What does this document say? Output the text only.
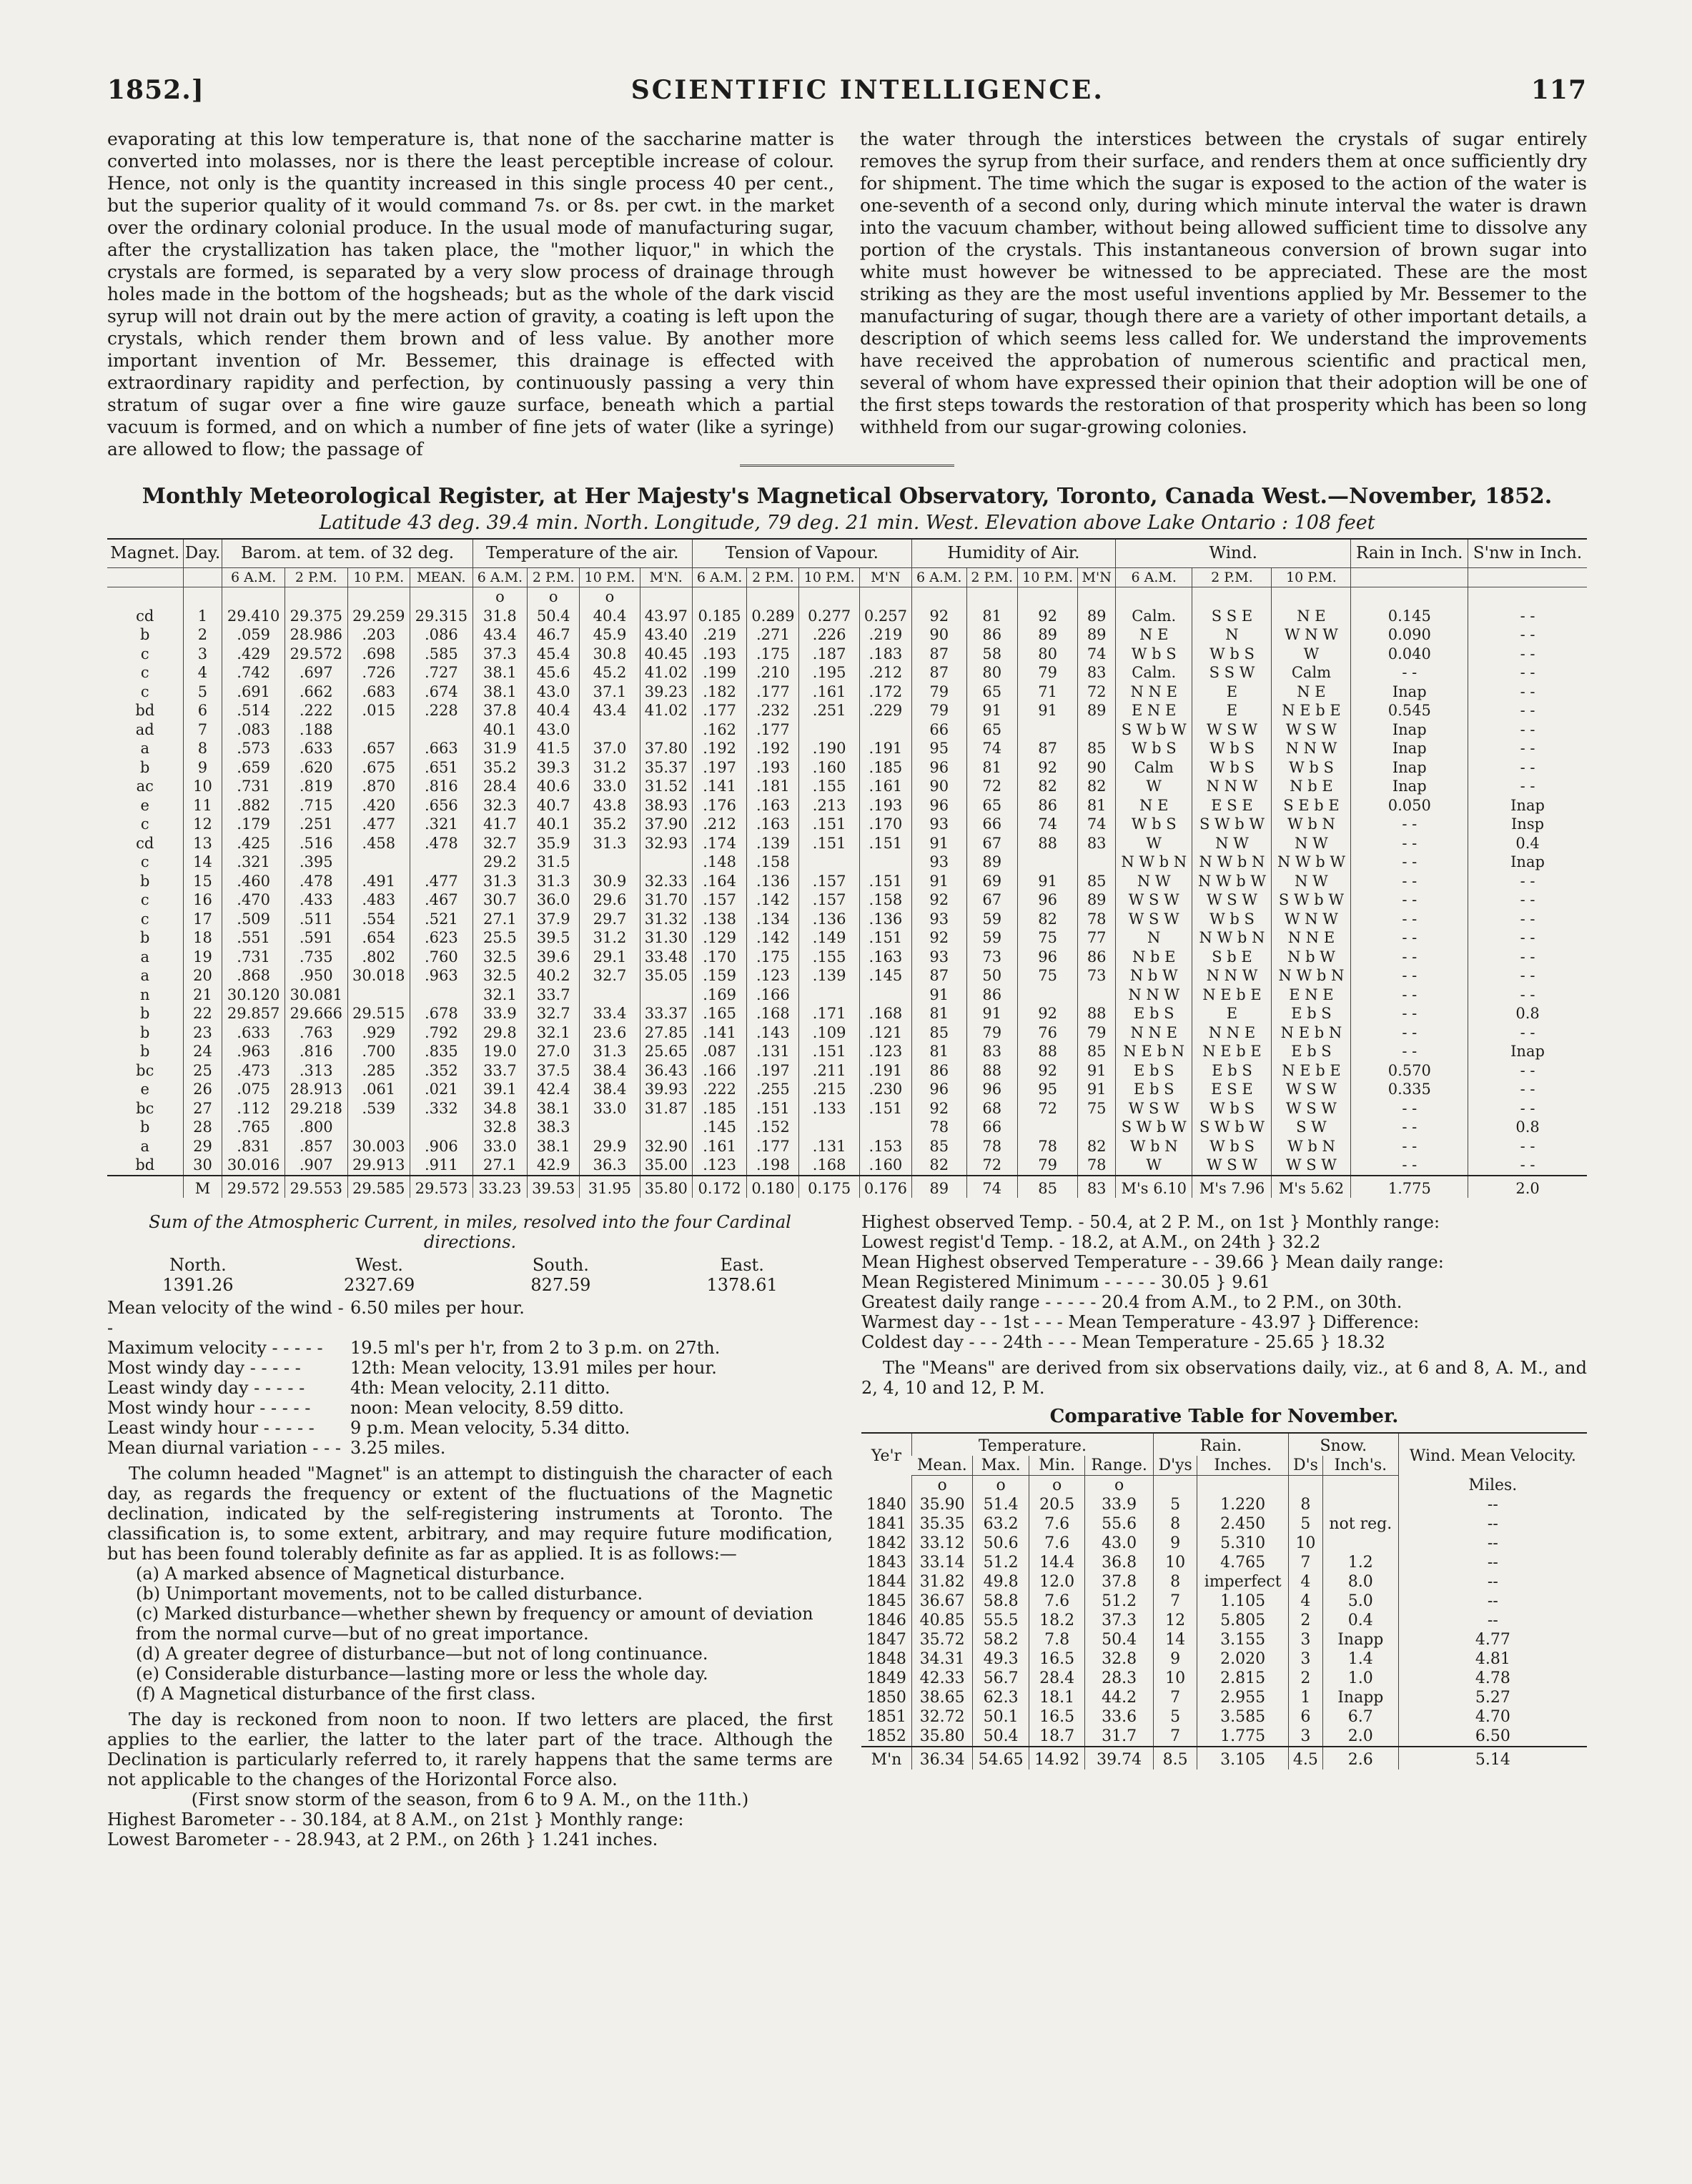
1852.]	SCIENTIFIC INTELLIGENCE.	117
evaporating at this low temperature is, that none of the saccharine matter is converted into molasses, nor is there the least perceptible increase of colour. Hence, not only is the quantity increased in this single process 40 per cent., but the superior quality of it would command 7s. or 8s. per cwt. in the market over the ordinary colonial produce. In the usual mode of manufacturing sugar, after the crystallization has taken place, the "mother liquor," in which the crystals are formed, is separated by a very slow process of drainage through holes made in the bottom of the hogsheads; but as the whole of the dark viscid syrup will not drain out by the mere action of gravity, a coating is left upon the crystals, which render them brown and of less value. By another more important invention of Mr. Bessemer, this drainage is effected with extraordinary rapidity and perfection, by continuously passing a very thin stratum of sugar over a fine wire gauze surface, beneath which a partial vacuum is formed, and on which a number of fine jets of water (like a syringe) are allowed to flow; the passage of
the water through the interstices between the crystals of sugar entirely removes the syrup from their surface, and renders them at once sufficiently dry for shipment. The time which the sugar is exposed to the action of the water is one-seventh of a second only, during which minute interval the water is drawn into the vacuum chamber, without being allowed sufficient time to dissolve any portion of the crystals. This instantaneous conversion of brown sugar into white must however be witnessed to be appreciated. These are the most striking as they are the most useful inventions applied by Mr. Bessemer to the manufacturing of sugar, though there are a variety of other important details, a description of which seems less called for. We understand the improvements have received the approbation of numerous scientific and practical men, several of whom have expressed their opinion that their adoption will be one of the first steps towards the restoration of that prosperity which has been so long withheld from our sugar-growing colonies.
Monthly Meteorological Register, at Her Majesty's Magnetical Observatory, Toronto, Canada West.—November, 1852.
Latitude 43 deg. 39.4 min. North. Longitude, 79 deg. 21 min. West. Elevation above Lake Ontario : 108 feet
Magnet.	Day.	Barom. at tem. of 32 deg.				Temperature of the air.				Tension of Vapour.				Humidity of Air.				Wind.			Rain in Inch.	S'nw in Inch.
		6 A.M.	2 P.M.	10 P.M.	MEAN.	6 A.M.	2 P.M.	10 P.M.	M'N.	6 A.M.	2 P.M.	10 P.M.	M'N	6 A.M.	2 P.M.	10 P.M.	M'N	6 A.M.	2 P.M.	10 P.M.		
						o	o	o														
cd	1	29.410	29.375	29.259	29.315	31.8	50.4	40.4	43.97	0.185	0.289	0.277	0.257	92	81	92	89	Calm.	S S E	N E	0.145	- -
b	2	.059	28.986	.203	.086	43.4	46.7	45.9	43.40	.219	.271	.226	.219	90	86	89	89	N E	N	W N W	0.090	- -
c	3	.429	29.572	.698	.585	37.3	45.4	30.8	40.45	.193	.175	.187	.183	87	58	80	74	W b S	W b S	W	0.040	- -
c	4	.742	.697	.726	.727	38.1	45.6	45.2	41.02	.199	.210	.195	.212	87	80	79	83	Calm.	S S W	Calm	- -	- -
c	5	.691	.662	.683	.674	38.1	43.0	37.1	39.23	.182	.177	.161	.172	79	65	71	72	N N E	E	N E	Inap	- -
bd	6	.514	.222	.015	.228	37.8	40.4	43.4	41.02	.177	.232	.251	.229	79	91	91	89	E N E	E	N E b E	0.545	- -
ad	7	.083	.188			40.1	43.0			.162	.177			66	65			S W b W	W S W	W S W	Inap	- -
a	8	.573	.633	.657	.663	31.9	41.5	37.0	37.80	.192	.192	.190	.191	95	74	87	85	W b S	W b S	N N W	Inap	- -
b	9	.659	.620	.675	.651	35.2	39.3	31.2	35.37	.197	.193	.160	.185	96	81	92	90	Calm	W b S	W b S	Inap	- -
ac	10	.731	.819	.870	.816	28.4	40.6	33.0	31.52	.141	.181	.155	.161	90	72	82	82	W	N N W	N b E	Inap	- -
e	11	.882	.715	.420	.656	32.3	40.7	43.8	38.93	.176	.163	.213	.193	96	65	86	81	N E	E S E	S E b E	0.050	Inap
c	12	.179	.251	.477	.321	41.7	40.1	35.2	37.90	.212	.163	.151	.170	93	66	74	74	W b S	S W b W	W b N	- -	Insp
cd	13	.425	.516	.458	.478	32.7	35.9	31.3	32.93	.174	.139	.151	.151	91	67	88	83	W	N W	N W	- -	0.4
c	14	.321	.395			29.2	31.5			.148	.158			93	89			N W b N	N W b N	N W b W	- -	Inap
b	15	.460	.478	.491	.477	31.3	31.3	30.9	32.33	.164	.136	.157	.151	91	69	91	85	N W	N W b W	N W	- -	- -
c	16	.470	.433	.483	.467	30.7	36.0	29.6	31.70	.157	.142	.157	.158	92	67	96	89	W S W	W S W	S W b W	- -	- -
c	17	.509	.511	.554	.521	27.1	37.9	29.7	31.32	.138	.134	.136	.136	93	59	82	78	W S W	W b S	W N W	- -	- -
b	18	.551	.591	.654	.623	25.5	39.5	31.2	31.30	.129	.142	.149	.151	92	59	75	77	N	N W b N	N N E	- -	- -
a	19	.731	.735	.802	.760	32.5	39.6	29.1	33.48	.170	.175	.155	.163	93	73	96	86	N b E	S b E	N b W	- -	- -
a	20	.868	.950	30.018	.963	32.5	40.2	32.7	35.05	.159	.123	.139	.145	87	50	75	73	N b W	N N W	N W b N	- -	- -
n	21	30.120	30.081			32.1	33.7			.169	.166			91	86			N N W	N E b E	E N E	- -	- -
b	22	29.857	29.666	29.515	.678	33.9	32.7	33.4	33.37	.165	.168	.171	.168	81	91	92	88	E b S	E	E b S	- -	0.8
b	23	.633	.763	.929	.792	29.8	32.1	23.6	27.85	.141	.143	.109	.121	85	79	76	79	N N E	N N E	N E b N	- -	- -
b	24	.963	.816	.700	.835	19.0	27.0	31.3	25.65	.087	.131	.151	.123	81	83	88	85	N E b N	N E b E	E b S	- -	Inap
bc	25	.473	.313	.285	.352	33.7	37.5	38.4	36.43	.166	.197	.211	.191	86	88	92	91	E b S	E b S	N E b E	0.570	- -
e	26	.075	28.913	.061	.021	39.1	42.4	38.4	39.93	.222	.255	.215	.230	96	96	95	91	E b S	E S E	W S W	0.335	- -
bc	27	.112	29.218	.539	.332	34.8	38.1	33.0	31.87	.185	.151	.133	.151	92	68	72	75	W S W	W b S	W S W	- -	- -
b	28	.765	.800			32.8	38.3			.145	.152			78	66			S W b W	S W b W	S W	- -	0.8
a	29	.831	.857	30.003	.906	33.0	38.1	29.9	32.90	.161	.177	.131	.153	85	78	78	82	W b N	W b S	W b N	- -	- -
bd	30	30.016	.907	29.913	.911	27.1	42.9	36.3	35.00	.123	.198	.168	.160	82	72	79	78	W	W S W	W S W	- -	- -
	M	29.572	29.553	29.585	29.573	33.23	39.53	31.95	35.80	0.172	0.180	0.175	0.176	89	74	85	83	M's 6.10	M's 7.96	M's 5.62	1.775	2.0
Sum of the Atmospheric Current, in miles, resolved into the four Cardinal directions.
North.	West.	South.	East.
1391.26	2327.69	827.59	1378.61
Mean velocity of the wind - -
6.50 miles per hour.
Maximum velocity - - - - -	19.5 ml's per h'r, from 2 to 3 p.m. on 27th.
Most windy day - - - - -	12th: Mean velocity, 13.91 miles per hour.
Least windy day - - - - -	4th: Mean velocity, 2.11 ditto.
Most windy hour - - - - -	noon: Mean velocity, 8.59 ditto.
Least windy hour - - - - -	9 p.m. Mean velocity, 5.34 ditto.
Mean diurnal variation - - - 3.25 miles.
The column headed "Magnet" is an attempt to distinguish the character of each day, as regards the frequency or extent of the fluctuations of the Magnetic declination, indicated by the self-registering instruments at Toronto. The classification is, to some extent, arbitrary, and may require future modification, but has been found tolerably definite as far as applied. It is as follows:—
(a) A marked absence of Magnetical disturbance.
(b) Unimportant movements, not to be called disturbance.
(c) Marked disturbance—whether shewn by frequency or amount of deviation from the normal curve—but of no great importance.
(d) A greater degree of disturbance—but not of long continuance.
(e) Considerable disturbance—lasting more or less the whole day.
(f) A Magnetical disturbance of the first class.
The day is reckoned from noon to noon. If two letters are placed, the first applies to the earlier, the latter to the later part of the trace. Although the Declination is particularly referred to, it rarely happens that the same terms are not applicable to the changes of the Horizontal Force also.
(First snow storm of the season, from 6 to 9 A. M., on the 11th.)
Highest Barometer - - 30.184, at 8 A.M., on 21st } Monthly range:
Lowest Barometer - - 28.943, at 2 P.M., on 26th } 1.241 inches.
Highest observed Temp. - 50.4, at 2 P. M., on 1st } Monthly range:
Lowest regist'd Temp. - 18.2, at A.M., on 24th } 32.2
Mean Highest observed Temperature - - 39.66 } Mean daily range:
Mean Registered Minimum - - - - - 30.05 } 9.61
Greatest daily range - - - - - 20.4 from A.M., to 2 P.M., on 30th.
Warmest day - - 1st - - - Mean Temperature - 43.97 } Difference:
Coldest day - - - 24th - - - Mean Temperature - 25.65 } 18.32
The "Means" are derived from six observations daily, viz., at 6 and 8, A. M., and 2, 4, 10 and 12, P. M.
Comparative Table for November.
Ye'r	Temperature.				Rain.		Snow.		Wind. Mean Velocity.
	Mean.	Max.	Min.	Range.	D'ys	Inches.	D's	Inch's.	
	o	o	o	o					Miles.
1840	35.90	51.4	20.5	33.9	5	1.220	8		--
1841	35.35	63.2	7.6	55.6	8	2.450	5	not reg.	--
1842	33.12	50.6	7.6	43.0	9	5.310	10		--
1843	33.14	51.2	14.4	36.8	10	4.765	7	1.2	--
1844	31.82	49.8	12.0	37.8	8	imperfect	4	8.0	--
1845	36.67	58.8	7.6	51.2	7	1.105	4	5.0	--
1846	40.85	55.5	18.2	37.3	12	5.805	2	0.4	--
1847	35.72	58.2	7.8	50.4	14	3.155	3	Inapp	4.77
1848	34.31	49.3	16.5	32.8	9	2.020	3	1.4	4.81
1849	42.33	56.7	28.4	28.3	10	2.815	2	1.0	4.78
1850	38.65	62.3	18.1	44.2	7	2.955	1	Inapp	5.27
1851	32.72	50.1	16.5	33.6	5	3.585	6	6.7	4.70
1852	35.80	50.4	18.7	31.7	7	1.775	3	2.0	6.50
M'n	36.34	54.65	14.92	39.74	8.5	3.105	4.5	2.6	5.14
